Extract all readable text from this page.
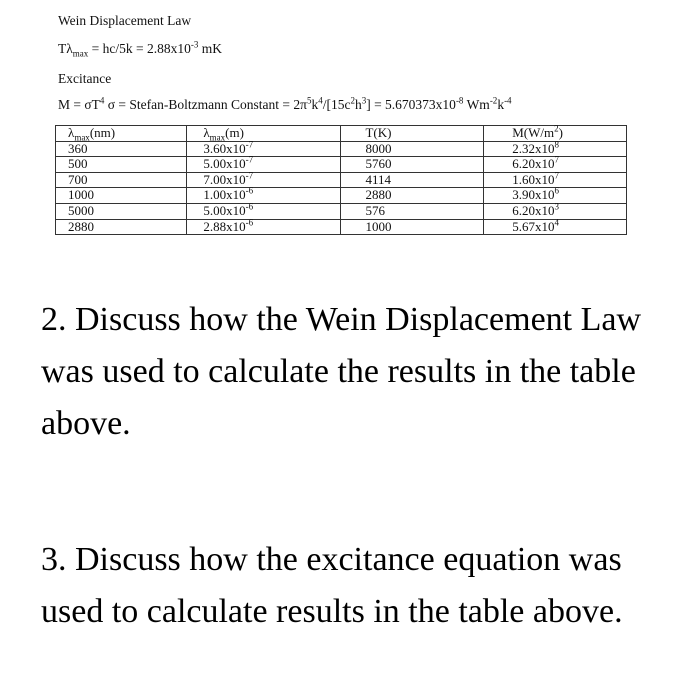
Wein Displacement Law
$T\lambda_{max} = hc/5k = 2.88x10^{-3}$ mK
Excitance
$M = \sigma T^4$ σ = Stefan-Boltzmann Constant = $2\pi^5k^4/[15c^2h^3] = 5.670373x10^{-8}$ $Wm^{-2}k^{-4}$
$\lambda_{max}(nm)$	$\lambda_{max}(m)$	T(K)	$M(W/m^2)$
360	$3.60x10^{-7}$	8000	$2.32x10^8$
500	$5.00x10^{-7}$	5760	$6.20x10^7$
700	$7.00x10^{-7}$	4114	$1.60x10^7$
1000	$1.00x10^{-6}$	2880	$3.90x10^6$
5000	$5.00x10^{-6}$	576	$6.20x10^3$
2880	$2.88x10^{-6}$	1000	$5.67x10^4$

2. Discuss how the Wein Displacement Law was used to calculate the results in the table above.

3. Discuss how the excitance equation was used to calculate results in the table above.
